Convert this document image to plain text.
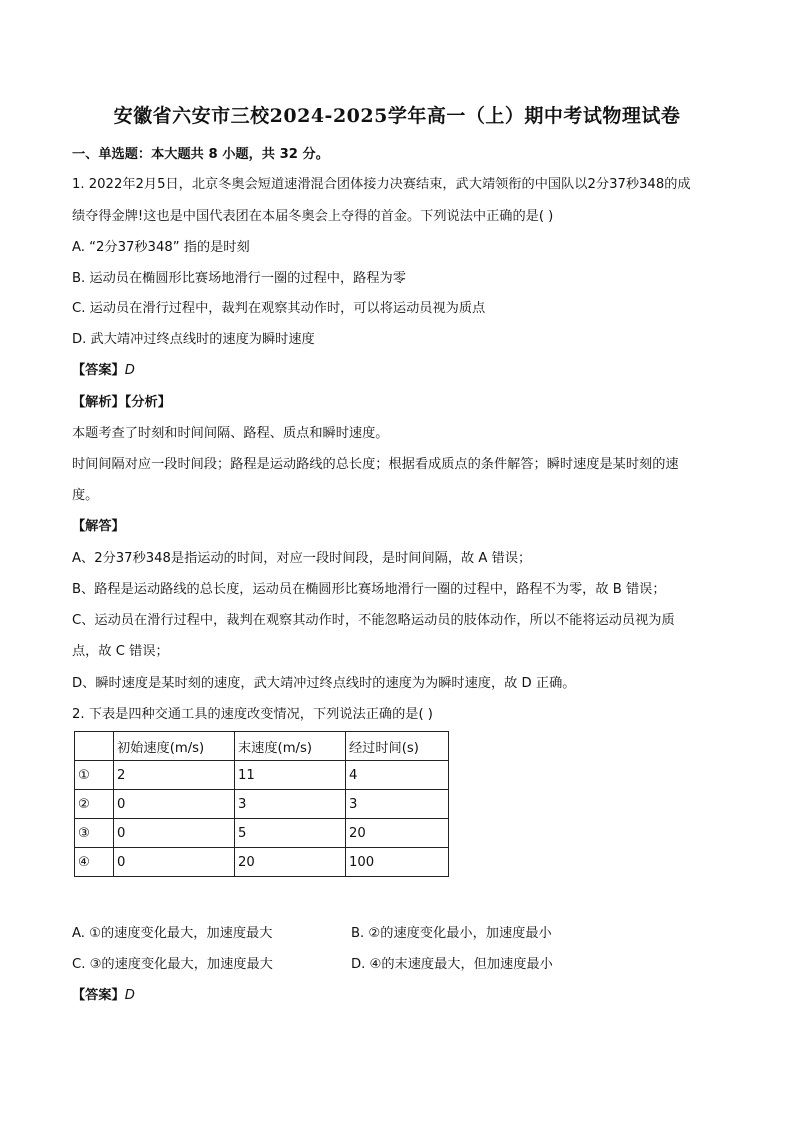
安徽省六安市三校2024-2025学年高一（上）期中考试物理试卷
一、单选题：本大题共 8 小题，共 32 分。
1. 2022年2月5日，北京冬奥会短道速滑混合团体接力决赛结束，武大靖领衔的中国队以2分37秒348的成
绩夺得金牌!这也是中国代表团在本届冬奥会上夺得的首金。下列说法中正确的是( )
A. “2分37秒348” 指的是时刻
B. 运动员在椭圆形比赛场地滑行一圈的过程中，路程为零
C. 运动员在滑行过程中，裁判在观察其动作时，可以将运动员视为质点
D. 武大靖冲过终点线时的速度为瞬时速度
【答案】D
【解析】【分析】
本题考查了时刻和时间间隔、路程、质点和瞬时速度。
时间间隔对应一段时间段；路程是运动路线的总长度；根据看成质点的条件解答；瞬时速度是某时刻的速
度。
【解答】
A、2分37秒348是指运动的时间，对应一段时间段，是时间间隔，故 A 错误；
B、路程是运动路线的总长度，运动员在椭圆形比赛场地滑行一圈的过程中，路程不为零，故 B 错误；
C、运动员在滑行过程中，裁判在观察其动作时，不能忽略运动员的肢体动作，所以不能将运动员视为质
点，故 C 错误；
D、瞬时速度是某时刻的速度，武大靖冲过终点线时的速度为为瞬时速度，故 D 正确。
2. 下表是四种交通工具的速度改变情况，下列说法正确的是( )
	初始速度(m/s)	末速度(m/s)	经过时间(s)
①	2	11	4
②	0	3	3
③	0	5	20
④	0	20	100
A. ①的速度变化最大，加速度最大	B. ②的速度变化最小，加速度最小
C. ③的速度变化最大，加速度最大	D. ④的末速度最大，但加速度最小
【答案】D
